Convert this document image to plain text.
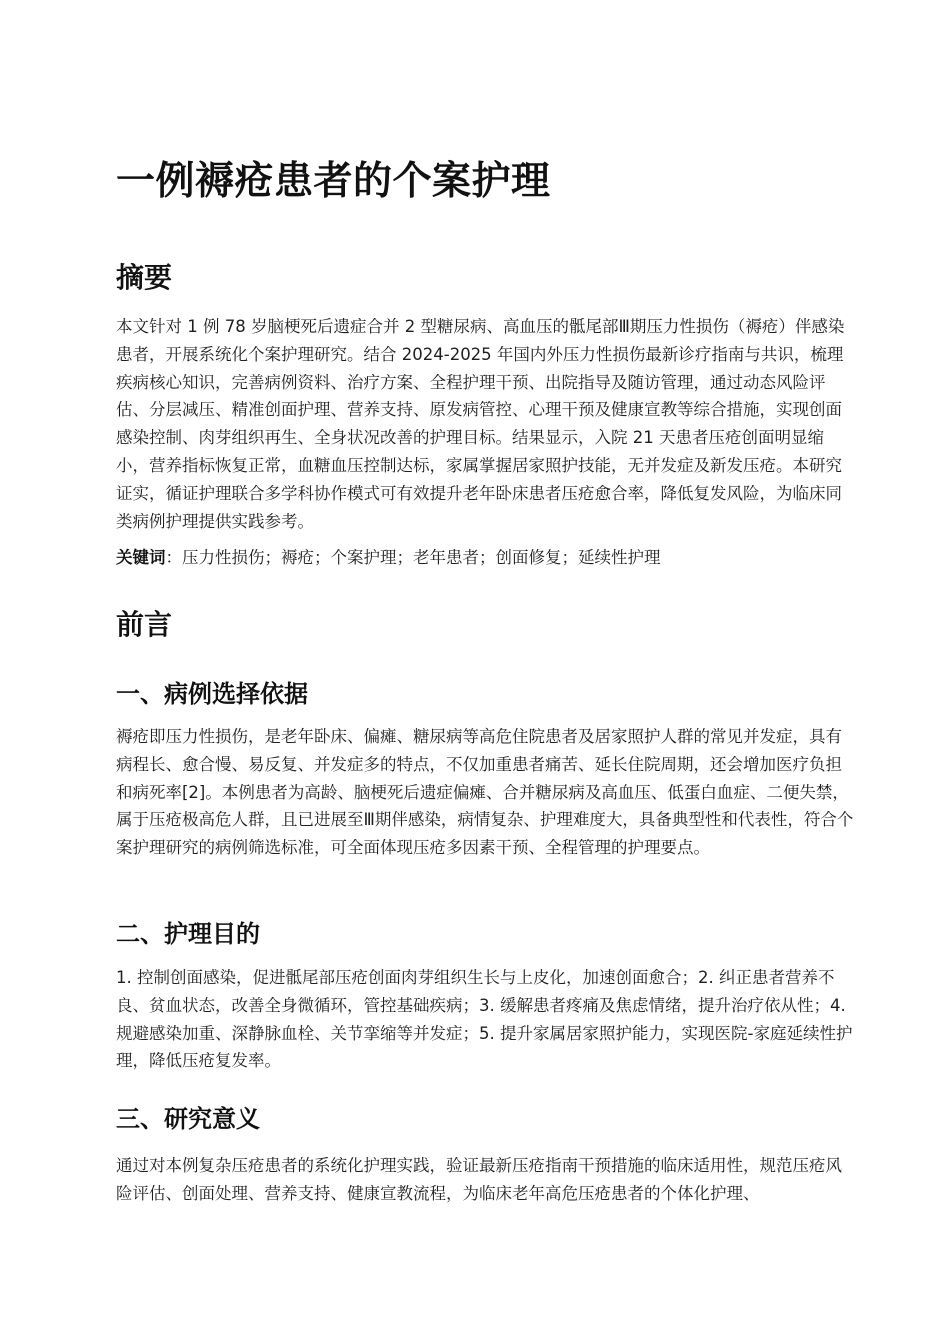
一例褥疮患者的个案护理
摘要

本文针对 1 例 78 岁脑梗死后遗症合并 2 型糖尿病、高血压的骶尾部Ⅲ期压力性损伤（褥疮）伴感染患者，开展系统化个案护理研究。结合 2024-2025 年国内外压力性损伤最新诊疗指南与共识，梳理疾病核心知识，完善病例资料、治疗方案、全程护理干预、出院指导及随访管理，通过动态风险评估、分层减压、精准创面护理、营养支持、原发病管控、心理干预及健康宣教等综合措施，实现创面感染控制、肉芽组织再生、全身状况改善的护理目标。结果显示，入院 21 天患者压疮创面明显缩小，营养指标恢复正常，血糖血压控制达标，家属掌握居家照护技能，无并发症及新发压疮。本研究证实，循证护理联合多学科协作模式可有效提升老年卧床患者压疮愈合率，降低复发风险，为临床同类病例护理提供实践参考。

关键词：压力性损伤；褥疮；个案护理；老年患者；创面修复；延续性护理

前言
一、病例选择依据

褥疮即压力性损伤，是老年卧床、偏瘫、糖尿病等高危住院患者及居家照护人群的常见并发症，具有病程长、愈合慢、易反复、并发症多的特点，不仅加重患者痛苦、延长住院周期，还会增加医疗负担和病死率[2]。本例患者为高龄、脑梗死后遗症偏瘫、合并糖尿病及高血压、低蛋白血症、二便失禁，属于压疮极高危人群，且已进展至Ⅲ期伴感染，病情复杂、护理难度大，具备典型性和代表性，符合个案护理研究的病例筛选标准，可全面体现压疮多因素干预、全程管理的护理要点。

二、护理目的

1. 控制创面感染，促进骶尾部压疮创面肉芽组织生长与上皮化，加速创面愈合；2. 纠正患者营养不良、贫血状态，改善全身微循环，管控基础疾病；3. 缓解患者疼痛及焦虑情绪，提升治疗依从性；4. 规避感染加重、深静脉血栓、关节挛缩等并发症；5. 提升家属居家照护能力，实现医院-家庭延续性护理，降低压疮复发率。

三、研究意义

通过对本例复杂压疮患者的系统化护理实践，验证最新压疮指南干预措施的临床适用性，规范压疮风险评估、创面处理、营养支持、健康宣教流程，为临床老年高危压疮患者的个体化护理、
